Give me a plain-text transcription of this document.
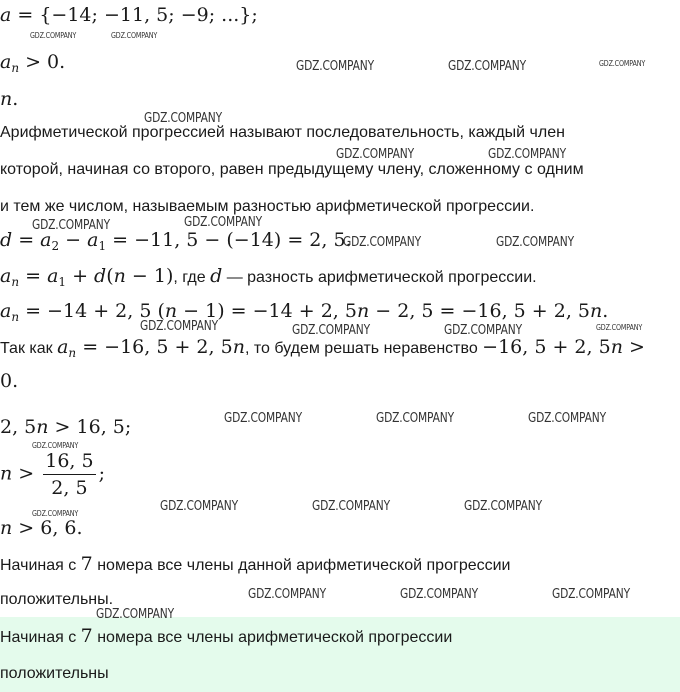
a = {−14; −11, 5; −9; ...};
$a_n > 0$.
n.
Арифметической прогрессией называют последовательность, каждый член
которой, начиная со второго, равен предыдущему члену, сложенному с одним
и тем же числом, называемым разностью арифметической прогрессии.
$d = a_2 - a_1 = -11$, 5 − (−14) = 2, 5.
$a_n = a_1 + d(n - 1)$, где d — разность арифметической прогрессии.
$a_n = -14 + 2$, 5 (n − 1) = −14 + 2, 5n − 2, 5 = −16, 5 + 2, 5n.
Так как $a_n = -16$, 5 + 2, 5n, то будем решать неравенство −16, 5 + 2, 5n >
0.
2, 5n > 16, 5;
$n > \frac{16, 5}{2, 5}$ ;
n > 6, 6.
Начиная с 7 номера все члены данной арифметической прогрессии
положительны.
Начиная с 7 номера все члены арифметической прогрессии
положительны
GDZ.COMPANY	GDZ.COMPANY
GDZ.COMPANY	GDZ.COMPANY	GDZ.COMPANY
GDZ.COMPANY
GDZ.COMPANY	GDZ.COMPANY
GDZ.COMPANY	GDZ.COMPANY
GDZ.COMPANY	GDZ.COMPANY
GDZ.COMPANY	GDZ.COMPANY	GDZ.COMPANY	GDZ.COMPANY
GDZ.COMPANY	GDZ.COMPANY	GDZ.COMPANY
GDZ.COMPANY
GDZ.COMPANY	GDZ.COMPANY	GDZ.COMPANY	GDZ.COMPANY
GDZ.COMPANY	GDZ.COMPANY	GDZ.COMPANY
GDZ.COMPANY
